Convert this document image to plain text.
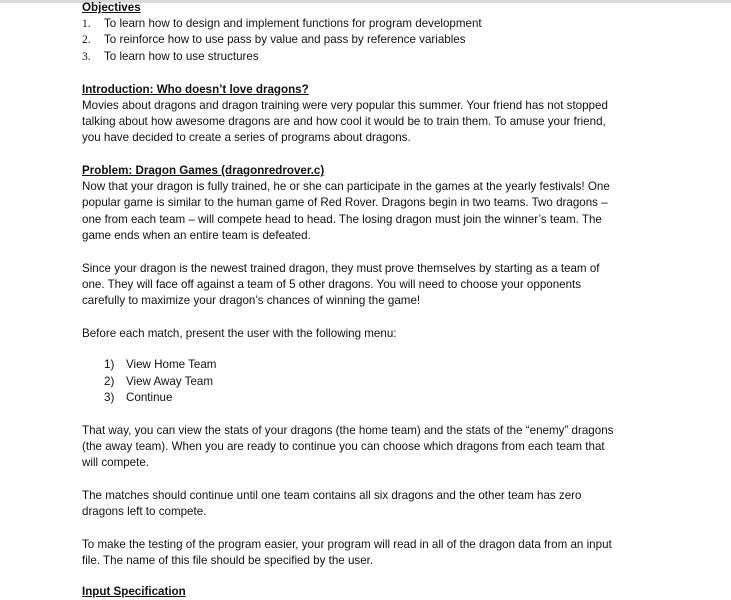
Objectives
1. To learn how to design and implement functions for program development
2. To reinforce how to use pass by value and pass by reference variables
3. To learn how to use structures
Introduction: Who doesn’t love dragons?
Movies about dragons and dragon training were very popular this summer. Your friend has not stopped
talking about how awesome dragons are and how cool it would be to train them. To amuse your friend,
you have decided to create a series of programs about dragons.
Problem: Dragon Games (dragonredrover.c)
Now that your dragon is fully trained, he or she can participate in the games at the yearly festivals! One
popular game is similar to the human game of Red Rover. Dragons begin in two teams. Two dragons –
one from each team – will compete head to head. The losing dragon must join the winner’s team. The
game ends when an entire team is defeated.
Since your dragon is the newest trained dragon, they must prove themselves by starting as a team of
one. They will face off against a team of 5 other dragons. You will need to choose your opponents
carefully to maximize your dragon’s chances of winning the game!
Before each match, present the user with the following menu:
1) View Home Team
2) View Away Team
3) Continue
That way, you can view the stats of your dragons (the home team) and the stats of the “enemy” dragons
(the away team). When you are ready to continue you can choose which dragons from each team that
will compete.
The matches should continue until one team contains all six dragons and the other team has zero
dragons left to compete.
To make the testing of the program easier, your program will read in all of the dragon data from an input
file. The name of this file should be specified by the user.
Input Specification
